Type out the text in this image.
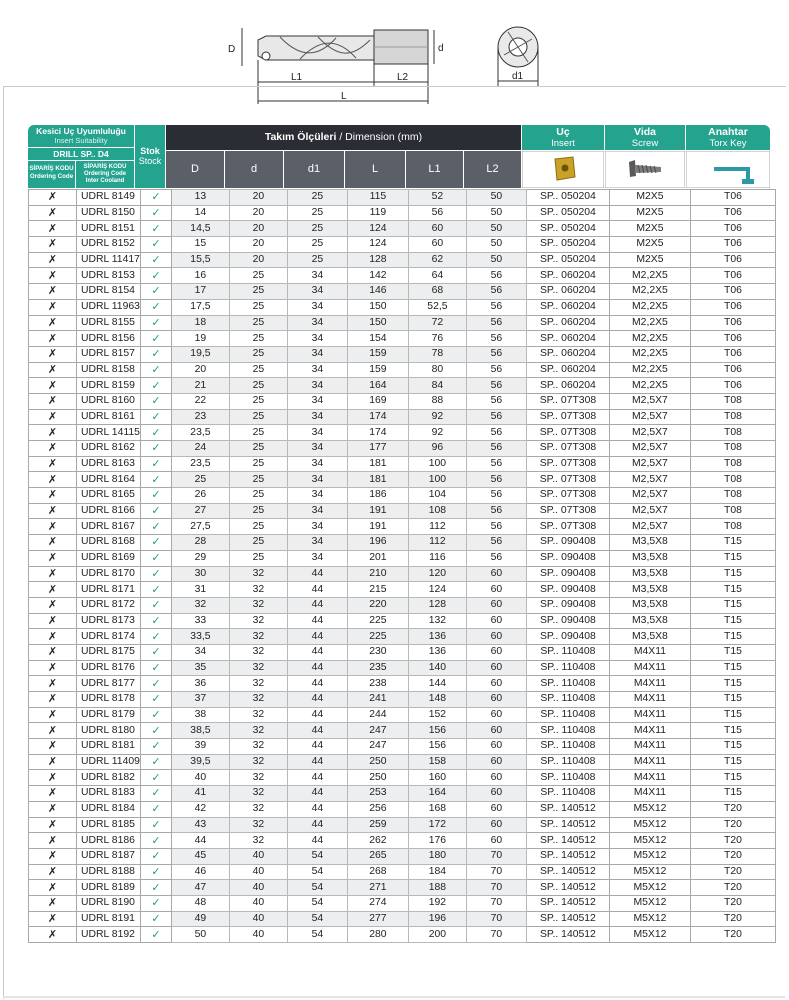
D	d
L1	L2
L
d1
Kesici Uç Uyumluluğu
Insert Suitability
DRILL SP.. D4
SİPARİŞ KODU
Ordering Code
SİPARİŞ KODU
Ordering Code
Inter Cooland
Stok
Stock
Takım Ölçüleri / Dimension (mm)
D	d	d1	L	L1	L2
Uç
Insert
Vida
Screw
Anahtar
Torx Key
✗	UDRL 8149	✓	13	20	25	115	52	50	SP.. 050204	M2X5	T06
✗	UDRL 8150	✓	14	20	25	119	56	50	SP.. 050204	M2X5	T06
✗	UDRL 8151	✓	14,5	20	25	124	60	50	SP.. 050204	M2X5	T06
✗	UDRL 8152	✓	15	20	25	124	60	50	SP.. 050204	M2X5	T06
✗	UDRL 11417	✓	15,5	20	25	128	62	50	SP.. 050204	M2X5	T06
✗	UDRL 8153	✓	16	25	34	142	64	56	SP.. 060204	M2,2X5	T06
✗	UDRL 8154	✓	17	25	34	146	68	56	SP.. 060204	M2,2X5	T06
✗	UDRL 11963	✓	17,5	25	34	150	52,5	56	SP.. 060204	M2,2X5	T06
✗	UDRL 8155	✓	18	25	34	150	72	56	SP.. 060204	M2,2X5	T06
✗	UDRL 8156	✓	19	25	34	154	76	56	SP.. 060204	M2,2X5	T06
✗	UDRL 8157	✓	19,5	25	34	159	78	56	SP.. 060204	M2,2X5	T06
✗	UDRL 8158	✓	20	25	34	159	80	56	SP.. 060204	M2,2X5	T06
✗	UDRL 8159	✓	21	25	34	164	84	56	SP.. 060204	M2,2X5	T06
✗	UDRL 8160	✓	22	25	34	169	88	56	SP.. 07T308	M2,5X7	T08
✗	UDRL 8161	✓	23	25	34	174	92	56	SP.. 07T308	M2,5X7	T08
✗	UDRL 14115	✓	23,5	25	34	174	92	56	SP.. 07T308	M2,5X7	T08
✗	UDRL 8162	✓	24	25	34	177	96	56	SP.. 07T308	M2,5X7	T08
✗	UDRL 8163	✓	23,5	25	34	181	100	56	SP.. 07T308	M2,5X7	T08
✗	UDRL 8164	✓	25	25	34	181	100	56	SP.. 07T308	M2,5X7	T08
✗	UDRL 8165	✓	26	25	34	186	104	56	SP.. 07T308	M2,5X7	T08
✗	UDRL 8166	✓	27	25	34	191	108	56	SP.. 07T308	M2,5X7	T08
✗	UDRL 8167	✓	27,5	25	34	191	112	56	SP.. 07T308	M2,5X7	T08
✗	UDRL 8168	✓	28	25	34	196	112	56	SP.. 090408	M3,5X8	T15
✗	UDRL 8169	✓	29	25	34	201	116	56	SP.. 090408	M3,5X8	T15
✗	UDRL 8170	✓	30	32	44	210	120	60	SP.. 090408	M3,5X8	T15
✗	UDRL 8171	✓	31	32	44	215	124	60	SP.. 090408	M3,5X8	T15
✗	UDRL 8172	✓	32	32	44	220	128	60	SP.. 090408	M3,5X8	T15
✗	UDRL 8173	✓	33	32	44	225	132	60	SP.. 090408	M3,5X8	T15
✗	UDRL 8174	✓	33,5	32	44	225	136	60	SP.. 090408	M3,5X8	T15
✗	UDRL 8175	✓	34	32	44	230	136	60	SP.. 110408	M4X11	T15
✗	UDRL 8176	✓	35	32	44	235	140	60	SP.. 110408	M4X11	T15
✗	UDRL 8177	✓	36	32	44	238	144	60	SP.. 110408	M4X11	T15
✗	UDRL 8178	✓	37	32	44	241	148	60	SP.. 110408	M4X11	T15
✗	UDRL 8179	✓	38	32	44	244	152	60	SP.. 110408	M4X11	T15
✗	UDRL 8180	✓	38,5	32	44	247	156	60	SP.. 110408	M4X11	T15
✗	UDRL 8181	✓	39	32	44	247	156	60	SP.. 110408	M4X11	T15
✗	UDRL 11409	✓	39,5	32	44	250	158	60	SP.. 110408	M4X11	T15
✗	UDRL 8182	✓	40	32	44	250	160	60	SP.. 110408	M4X11	T15
✗	UDRL 8183	✓	41	32	44	253	164	60	SP.. 110408	M4X11	T15
✗	UDRL 8184	✓	42	32	44	256	168	60	SP.. 140512	M5X12	T20
✗	UDRL 8185	✓	43	32	44	259	172	60	SP.. 140512	M5X12	T20
✗	UDRL 8186	✓	44	32	44	262	176	60	SP.. 140512	M5X12	T20
✗	UDRL 8187	✓	45	40	54	265	180	70	SP.. 140512	M5X12	T20
✗	UDRL 8188	✓	46	40	54	268	184	70	SP.. 140512	M5X12	T20
✗	UDRL 8189	✓	47	40	54	271	188	70	SP.. 140512	M5X12	T20
✗	UDRL 8190	✓	48	40	54	274	192	70	SP.. 140512	M5X12	T20
✗	UDRL 8191	✓	49	40	54	277	196	70	SP.. 140512	M5X12	T20
✗	UDRL 8192	✓	50	40	54	280	200	70	SP.. 140512	M5X12	T20
